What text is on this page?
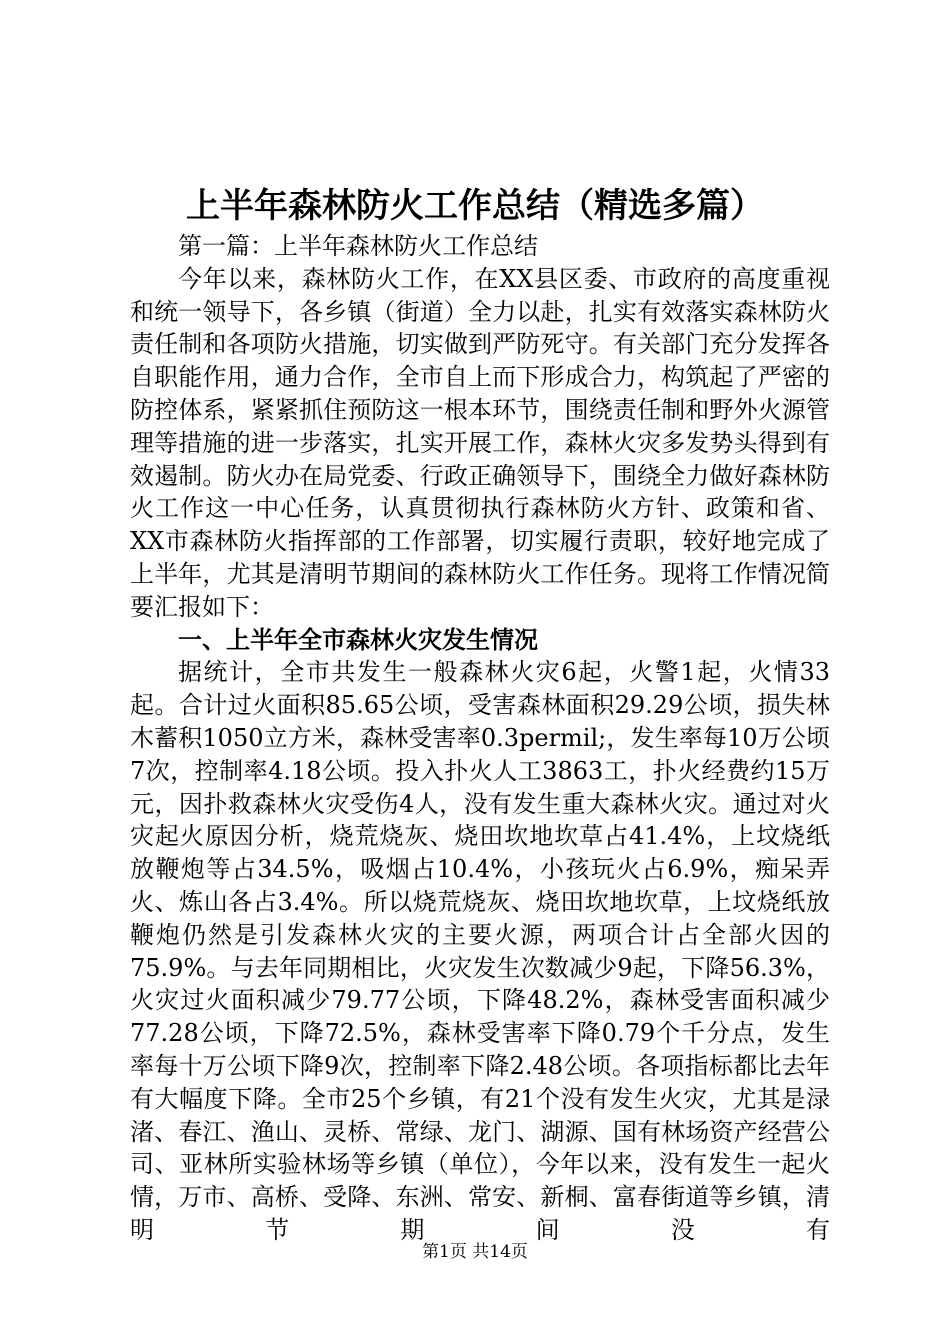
上半年森林防火工作总结（精选多篇）

第一篇：上半年森林防火工作总结

今年以来，森林防火工作，在XX县区委、市政府的高度重视和统一领导下，各乡镇（街道）全力以赴，扎实有效落实森林防火责任制和各项防火措施，切实做到严防死守。有关部门充分发挥各自职能作用，通力合作，全市自上而下形成合力，构筑起了严密的防控体系，紧紧抓住预防这一根本环节，围绕责任制和野外火源管理等措施的进一步落实，扎实开展工作，森林火灾多发势头得到有效遏制。防火办在局党委、行政正确领导下，围绕全力做好森林防火工作这一中心任务，认真贯彻执行森林防火方针、政策和省、XX市森林防火指挥部的工作部署，切实履行责职，较好地完成了上半年，尤其是清明节期间的森林防火工作任务。现将工作情况简要汇报如下：

一、上半年全市森林火灾发生情况

据统计，全市共发生一般森林火灾6起，火警1起，火情33起。合计过火面积85.65公顷，受害森林面积29.29公顷，损失林木蓄积1050立方米，森林受害率0.3permil;，发生率每10万公顷7次，控制率4.18公顷。投入扑火人工3863工，扑火经费约15万元，因扑救森林火灾受伤4人，没有发生重大森林火灾。通过对火灾起火原因分析，烧荒烧灰、烧田坎地坎草占41.4%，上坟烧纸放鞭炮等占34.5%，吸烟占10.4%，小孩玩火占6.9%，痴呆弄火、炼山各占3.4%。所以烧荒烧灰、烧田坎地坎草，上坟烧纸放鞭炮仍然是引发森林火灾的主要火源，两项合计占全部火因的75.9%。与去年同期相比，火灾发生次数减少9起，下降56.3%，火灾过火面积减少79.77公顷，下降48.2%，森林受害面积减少77.28公顷，下降72.5%，森林受害率下降0.79个千分点，发生率每十万公顷下降9次，控制率下降2.48公顷。各项指标都比去年有大幅度下降。全市25个乡镇，有21个没有发生火灾，尤其是渌渚、春江、渔山、灵桥、常绿、龙门、湖源、国有林场资产经营公司、亚林所实验林场等乡镇（单位），今年以来，没有发生一起火情，万市、高桥、受降、东洲、常安、新桐、富春街道等乡镇，清明节期间没有

第1页 共14页
